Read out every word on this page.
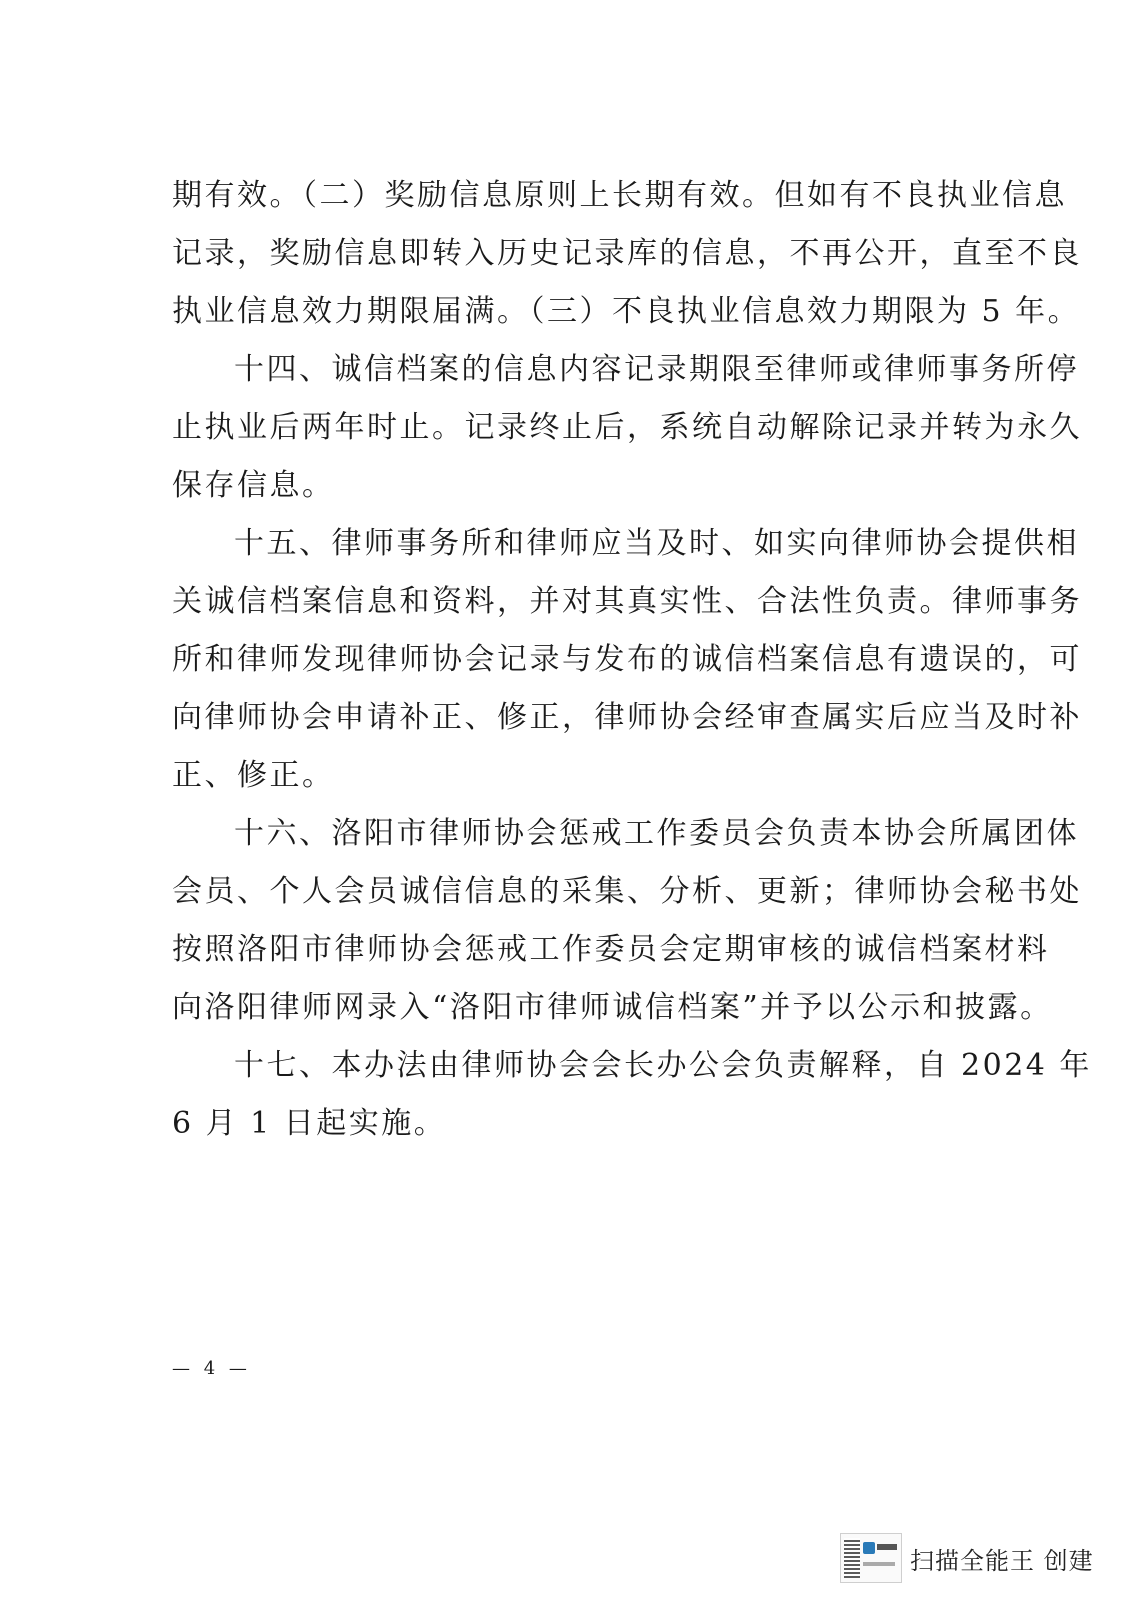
期有效。（二）奖励信息原则上长期有效。但如有不良执业信息
记录，奖励信息即转入历史记录库的信息，不再公开，直至不良
执业信息效力期限届满。（三）不良执业信息效力期限为 5 年。
十四、诚信档案的信息内容记录期限至律师或律师事务所停
止执业后两年时止。记录终止后，系统自动解除记录并转为永久
保存信息。
十五、律师事务所和律师应当及时、如实向律师协会提供相
关诚信档案信息和资料，并对其真实性、合法性负责。律师事务
所和律师发现律师协会记录与发布的诚信档案信息有遗误的，可
向律师协会申请补正、修正，律师协会经审查属实后应当及时补
正、修正。
十六、洛阳市律师协会惩戒工作委员会负责本协会所属团体
会员、个人会员诚信信息的采集、分析、更新；律师协会秘书处
按照洛阳市律师协会惩戒工作委员会定期审核的诚信档案材料
向洛阳律师网录入“洛阳市律师诚信档案”并予以公示和披露。
十七、本办法由律师协会会长办公会负责解释，自 2024 年
6 月 1 日起实施。
— 4 —
扫描全能王 创建
